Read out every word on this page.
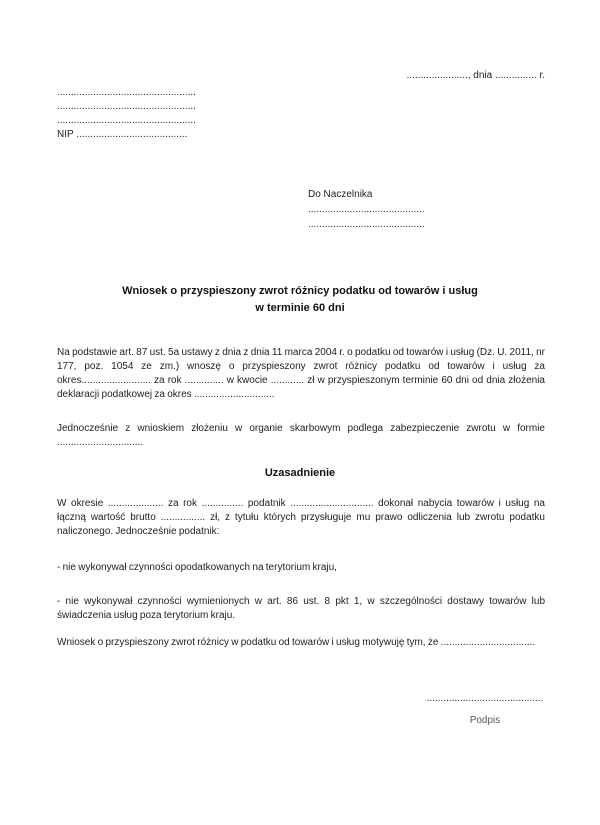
......................, dnia ............... r.
..................................................
..................................................
..................................................
NIP ........................................
Do Naczelnika
..........................................
..........................................
Wniosek o przyspieszony zwrot różnicy podatku od towarów i usług
w terminie 60 dni
Na podstawie art. 87 ust. 5a ustawy z dnia z dnia 11 marca 2004 r. o podatku od towarów i usług (Dz. U. 2011, nr 177, poz. 1054 ze zm.) wnoszę o przyspieszony zwrot różnicy podatku od towarów i usług za okres......................... za rok .............. w kwocie ............ zł w przyspieszonym terminie 60 dni od dnia złożenia deklaracji podatkowej za okres .............................
Jednocześnie z wnioskiem złożeniu w organie skarbowym podlega zabezpieczenie zwrotu w formie ...............................
Uzasadnienie
W okresie .................... za rok ............... podatnik .............................. dokonał nabycia towarów i usług na łączną wartość brutto ................ zł, z tytułu których przysługuje mu prawo odliczenia lub zwrotu podatku naliczonego. Jednocześnie podatnik:
- nie wykonywał czynności opodatkowanych na terytorium kraju,
- nie wykonywał czynności wymienionych w art. 86 ust. 8 pkt 1, w szczególności dostawy towarów lub świadczenia usług poza terytorium kraju.
Wniosek o przyspieszony zwrot różnicy w podatku od towarów i usług motywuję tym, że ..................................
..........................................
Podpis
